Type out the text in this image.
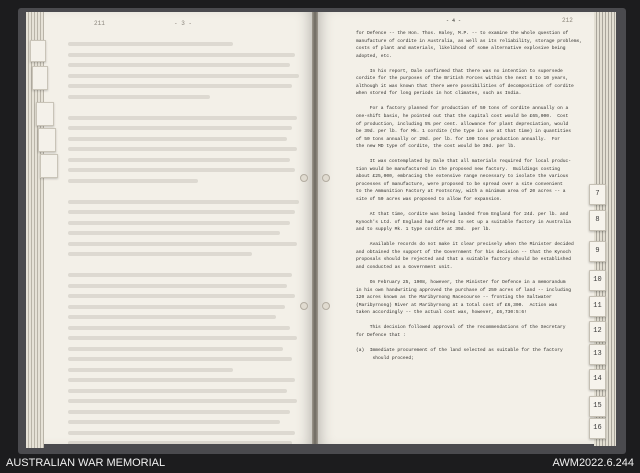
211	- 3 -	- 4 -	212

for Defence -- the Hon. Thos. Haley, M.P. -- to examine the whole question of

manufacture of cordite in Australia, as well as its reliability, storage problems,

costs of plant and materials, likelihood of some alternative explosive being

adopted, etc.

In his report, Dale confirmed that there was no intention to supersede

cordite for the purposes of the British Forces within the next 8 to 10 years,

although it was known that there were possibilities of decomposition of cordite

when stored for long periods in hot climates, such as India.

For a factory planned for production of 50 tons of cordite annually on a

one-shift basis, he pointed out that the capital cost would be £65,000.  Cost

of production, including 5% per cent. allowance for plant depreciation, would

be 39d. per lb. for Mk. 1 cordite (the type in use at that time) in quantities

of 50 tons annually or 29d. per lb. for 100 tons production annually.  For

the new MD type of cordite, the cost would be 39d. per lb.

It was contemplated by Dale that all materials required for local produc-

tion would be manufactured in the proposed new factory.  Buildings costing

about £25,000, embracing the extensive range necessary to isolate the various

processes of manufacture, were proposed to be spread over a site convenient

to the Ammunition Factory at Footscray, with a minimum area of 20 acres -- a

site of 50 acres was proposed to allow for expansion.

At that time, cordite was being landed from England for 24d. per lb. and

Kynoch's Ltd. of England had offered to set up a suitable factory in Australia

and to supply Mk. 1 type cordite at 39d.  per lb.

Available records do not make it clear precisely when the Minister decided

and obtained the support of the Government for his decision -- that the Kynoch

proposals should be rejected and that a suitable factory should be established

and conducted as a Government unit.

On February 25, 1908, however, the Minister for Defence in a memorandum

in his own handwriting approved the purchase of 250 acres of land -- including

120 acres known as the Maribyrnong Racecourse -- fronting the Saltwater

(Maribyrnong) River at Maribyrnong at a total cost of £6,300.  Action was

taken accordingly -- the actual cost was, however, £6,730:5:6!

This decision followed approval of the recommendations of the Secretary

for Defence that :

(a)  Immediate procurement of the land selected as suitable for the factory

should proceed;

7
8
9
10
11
12
13
14
15
16
AUSTRALIAN WAR MEMORIAL	AWM2022.6.244
